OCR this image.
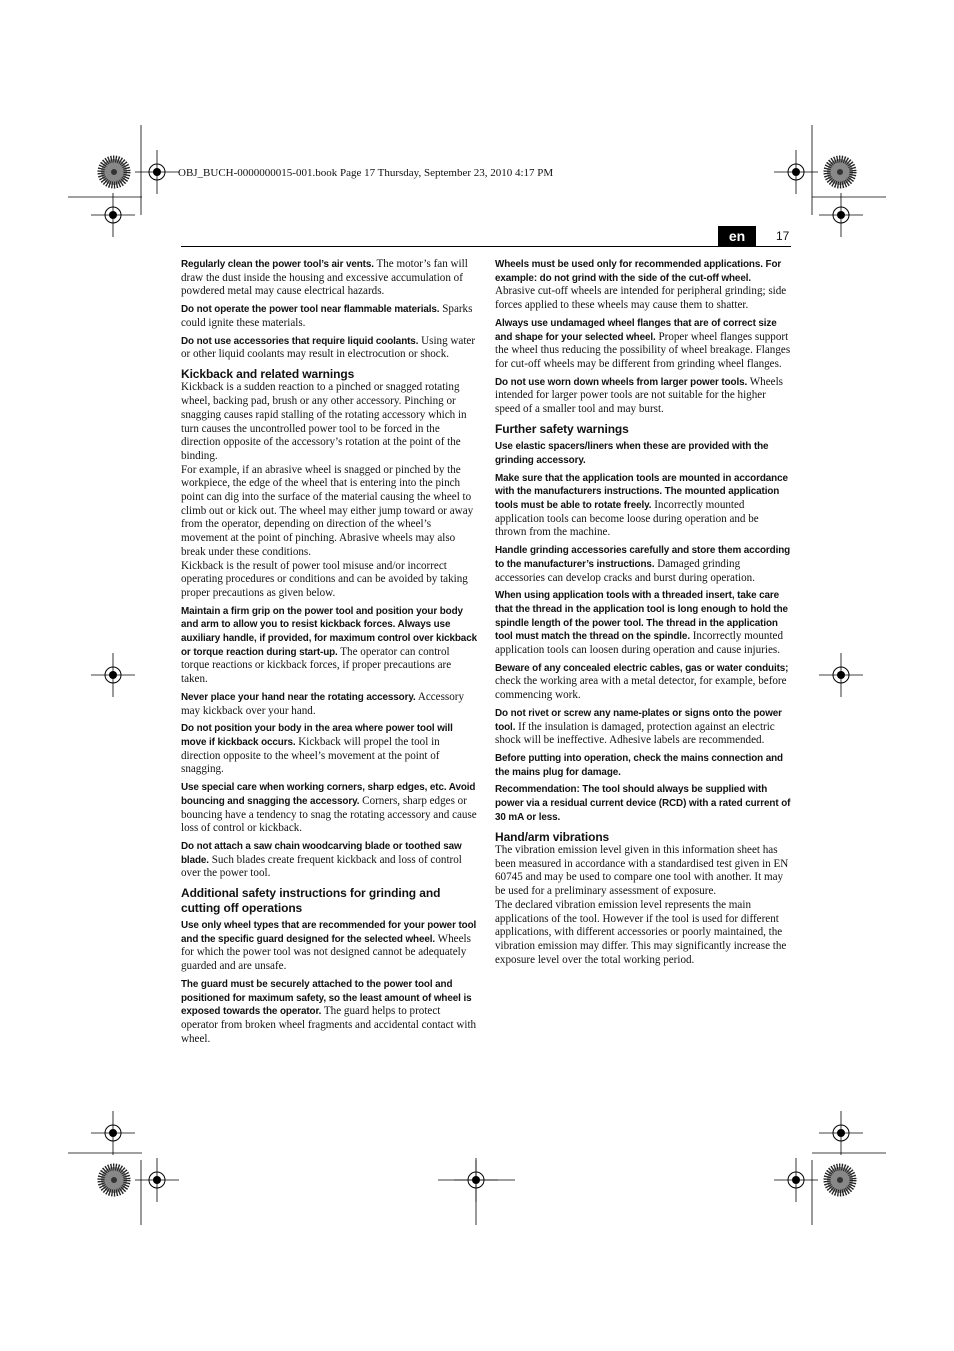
OBJ_BUCH-0000000015-001.book Page 17 Thursday, September 23, 2010 4:17 PM
en	17

Regularly clean the power tool’s air vents. The motor’s fan will draw the dust inside the housing and excessive accumulation of powdered metal may cause electrical hazards.

Do not operate the power tool near flammable materials. Sparks could ignite these materials.

Do not use accessories that require liquid coolants. Using water or other liquid coolants may result in electrocution or shock.

Kickback and related warnings

Kickback is a sudden reaction to a pinched or snagged rotating wheel, backing pad, brush or any other accessory. Pinching or snagging causes rapid stalling of the rotating accessory which in turn causes the uncontrolled power tool to be forced in the direction opposite of the accessory’s rotation at the point of the binding.

For example, if an abrasive wheel is snagged or pinched by the workpiece, the edge of the wheel that is entering into the pinch point can dig into the surface of the material causing the wheel to climb out or kick out. The wheel may either jump toward or away from the operator, depending on direction of the wheel’s movement at the point of pinching. Abrasive wheels may also break under these conditions.

Kickback is the result of power tool misuse and/or incorrect operating procedures or conditions and can be avoided by taking proper precautions as given below.

Maintain a firm grip on the power tool and position your body and arm to allow you to resist kickback forces. Always use auxiliary handle, if provided, for maximum control over kickback or torque reaction during start-up. The operator can control torque reactions or kickback forces, if proper precautions are taken.

Never place your hand near the rotating accessory. Accessory may kickback over your hand.

Do not position your body in the area where power tool will move if kickback occurs. Kickback will propel the tool in direction opposite to the wheel’s movement at the point of snagging.

Use special care when working corners, sharp edges, etc. Avoid bouncing and snagging the accessory. Corners, sharp edges or bouncing have a tendency to snag the rotating accessory and cause loss of control or kickback.

Do not attach a saw chain woodcarving blade or toothed saw blade. Such blades create frequent kickback and loss of control over the power tool.

Additional safety instructions for grinding and cutting off operations

Use only wheel types that are recommended for your power tool and the specific guard designed for the selected wheel. Wheels for which the power tool was not designed cannot be adequately guarded and are unsafe.

The guard must be securely attached to the power tool and positioned for maximum safety, so the least amount of wheel is exposed towards the operator. The guard helps to protect operator from broken wheel fragments and accidental contact with wheel.

Wheels must be used only for recommended applications. For example: do not grind with the side of the cut-off wheel. Abrasive cut-off wheels are intended for peripheral grinding; side forces applied to these wheels may cause them to shatter.

Always use undamaged wheel flanges that are of correct size and shape for your selected wheel. Proper wheel flanges support the wheel thus reducing the possibility of wheel breakage. Flanges for cut-off wheels may be different from grinding wheel flanges.

Do not use worn down wheels from larger power tools. Wheels intended for larger power tools are not suitable for the higher speed of a smaller tool and may burst.

Further safety warnings

Use elastic spacers/liners when these are provided with the grinding accessory.

Make sure that the application tools are mounted in accordance with the manufacturers instructions. The mounted application tools must be able to rotate freely. Incorrectly mounted application tools can become loose during operation and be thrown from the machine.

Handle grinding accessories carefully and store them according to the manufacturer’s instructions. Damaged grinding accessories can develop cracks and burst during operation.

When using application tools with a threaded insert, take care that the thread in the application tool is long enough to hold the spindle length of the power tool. The thread in the application tool must match the thread on the spindle. Incorrectly mounted application tools can loosen during operation and cause injuries.

Beware of any concealed electric cables, gas or water conduits; check the working area with a metal detector, for example, before commencing work.

Do not rivet or screw any name-plates or signs onto the power tool. If the insulation is damaged, protection against an electric shock will be ineffective. Adhesive labels are recommended.

Before putting into operation, check the mains connection and the mains plug for damage.

Recommendation: The tool should always be supplied with power via a residual current device (RCD) with a rated current of 30 mA or less.

Hand/arm vibrations

The vibration emission level given in this information sheet has been measured in accordance with a standardised test given in EN 60745 and may be used to compare one tool with another. It may be used for a preliminary assessment of exposure.

The declared vibration emission level represents the main applications of the tool. However if the tool is used for different applications, with different accessories or poorly maintained, the vibration emission may differ. This may significantly increase the exposure level over the total working period.
